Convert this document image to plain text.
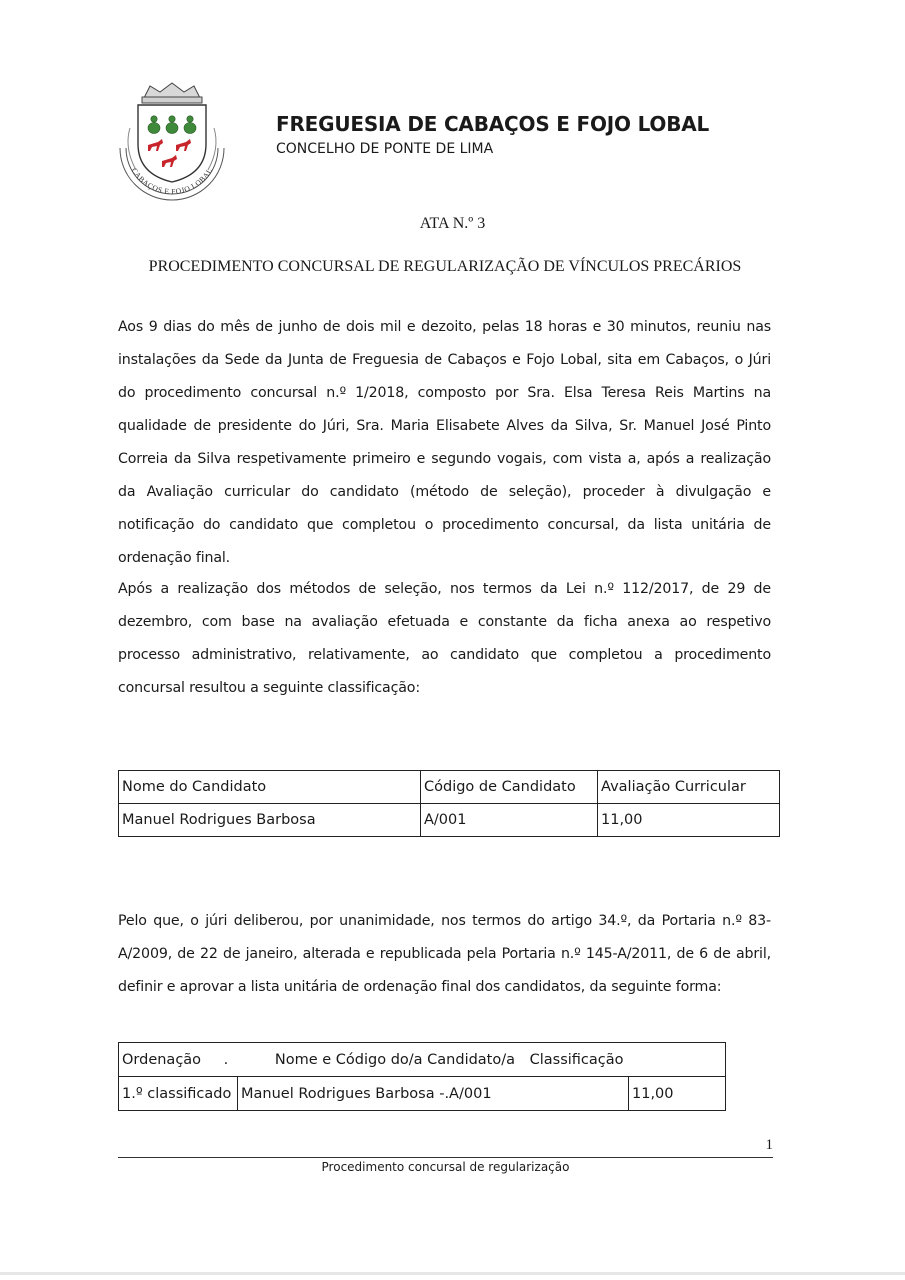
CABAÇOS E FOJO LOBAL
FREGUESIA DE CABAÇOS E FOJO LOBAL
CONCELHO DE PONTE DE LIMA
ATA N.º 3
PROCEDIMENTO CONCURSAL DE REGULARIZAÇÃO DE VÍNCULOS PRECÁRIOS

Aos 9 dias do mês de junho de dois mil e dezoito, pelas 18 horas e 30 minutos, reuniu nas instalações da Sede da Junta de Freguesia de Cabaços e Fojo Lobal, sita em Cabaços, o Júri do procedimento concursal n.º 1/2018, composto por Sra. Elsa Teresa Reis Martins na qualidade de presidente do Júri, Sra. Maria Elisabete Alves da Silva, Sr. Manuel José Pinto Correia da Silva respetivamente primeiro e segundo vogais, com vista a, após a realização da Avaliação curricular do candidato (método de seleção), proceder à divulgação e notificação do candidato que completou o procedimento concursal, da lista unitária de ordenação final.

Após a realização dos métodos de seleção, nos termos da Lei n.º 112/2017, de 29 de dezembro, com base na avaliação efetuada e constante da ficha anexa ao respetivo processo administrativo, relativamente, ao candidato que completou a procedimento concursal resultou a seguinte classificação:

Nome do Candidato	Código de Candidato	Avaliação Curricular
Manuel Rodrigues Barbosa	A/001	11,00

Pelo que, o júri deliberou, por unanimidade, nos termos do artigo 34.º, da Portaria n.º 83-A/2009, de 22 de janeiro, alterada e republicada pela Portaria n.º 145-A/2011, de 6 de abril, definir e aprovar a lista unitária de ordenação final dos candidatos, da seguinte forma:

Ordenação .	Nome e Código do/a Candidato/a Classificação
1.º classificado	Manuel Rodrigues Barbosa -.A/001	11,00
1
Procedimento concursal de regularização
